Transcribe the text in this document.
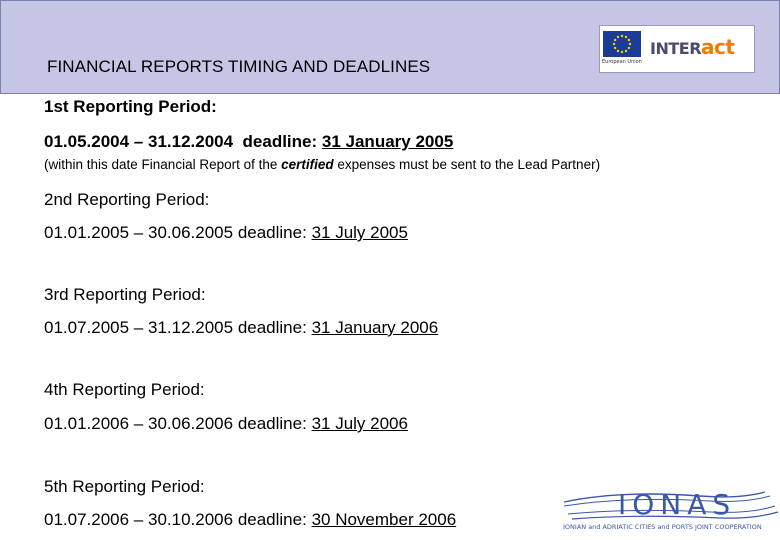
FINANCIAL REPORTS TIMING AND DEADLINES	European Union
INTERact
1st Reporting Period:
01.05.2004 – 31.12.2004 deadline: 31 January 2005
(within this date Financial Report of the certified expenses must be sent to the Lead Partner)
2nd Reporting Period:
01.01.2005 – 30.06.2005 deadline: 31 July 2005
3rd Reporting Period:
01.07.2005 – 31.12.2005 deadline: 31 January 2006
4th Reporting Period:
01.01.2006 – 30.06.2006 deadline: 31 July 2006
5th Reporting Period:
01.07.2006 – 30.10.2006 deadline: 30 November 2006	IONAS
IONIAN and ADRIATIC CITIES and PORTS JOINT COOPERATION
